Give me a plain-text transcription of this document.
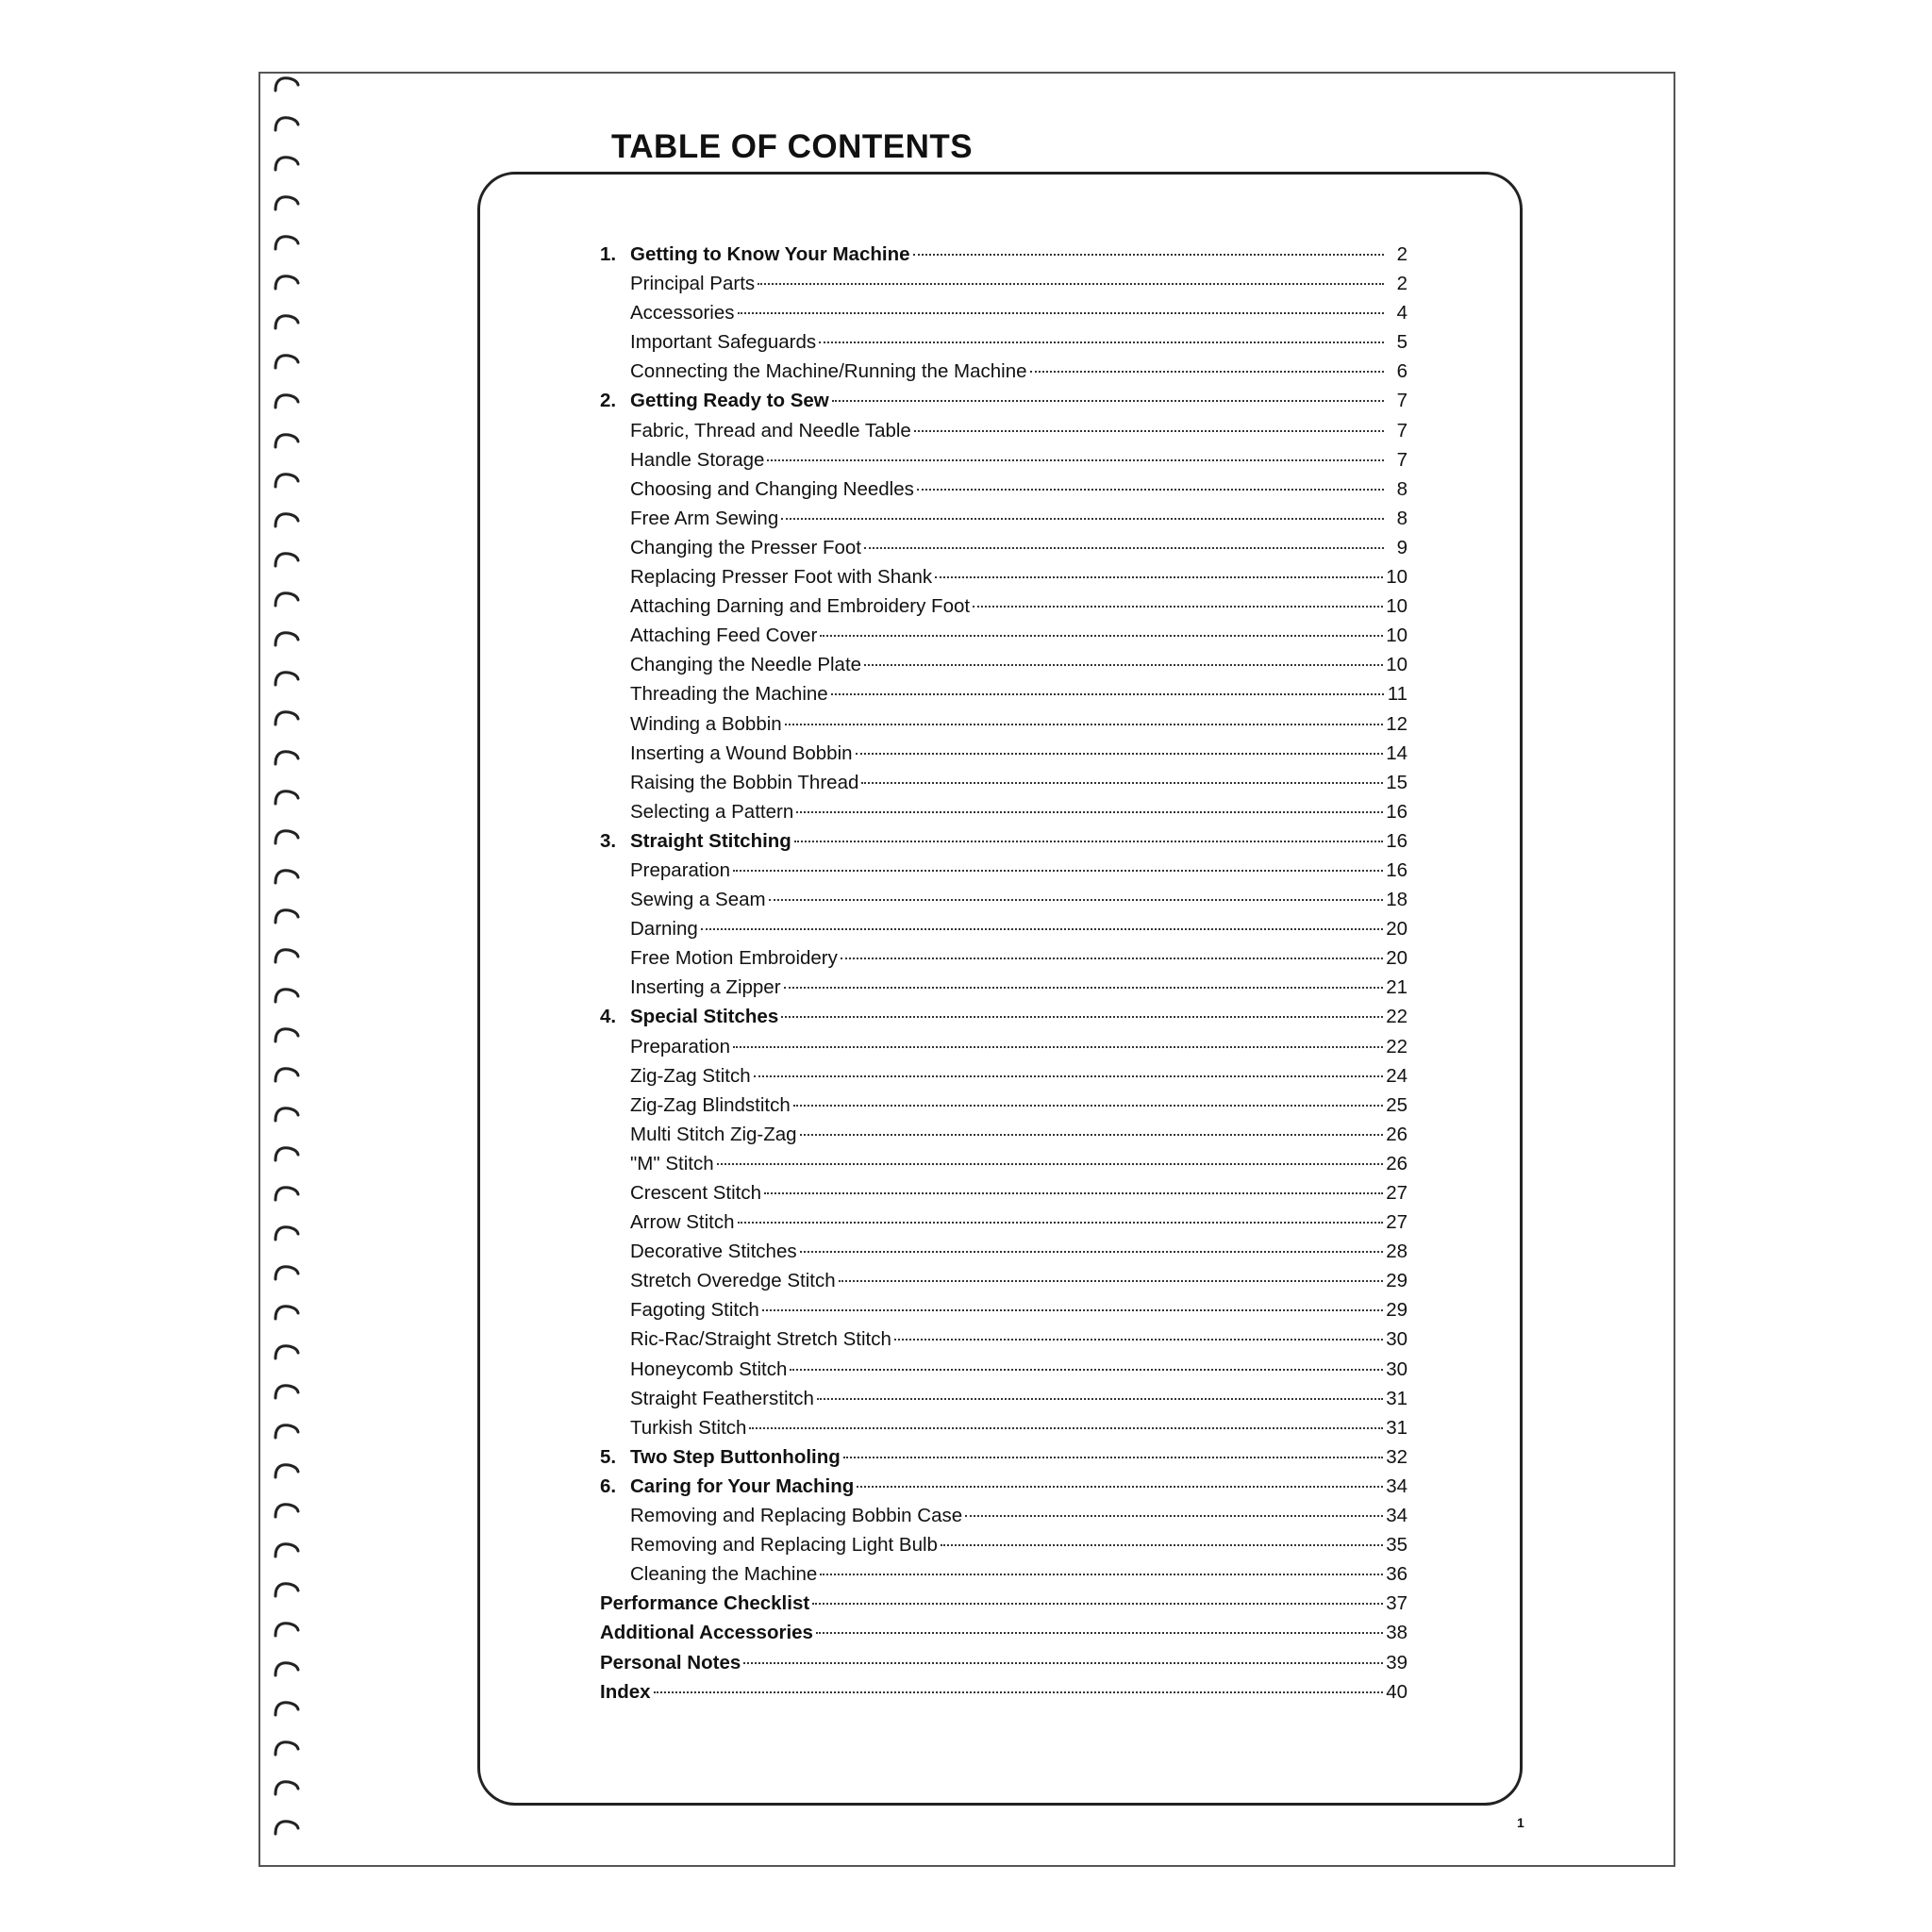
TABLE OF CONTENTS
1. Getting to Know Your Machine	2
Principal Parts	2
Accessories	4
Important Safeguards	5
Connecting the Machine/Running the Machine	6
2. Getting Ready to Sew	7
Fabric, Thread and Needle Table	7
Handle Storage	7
Choosing and Changing Needles	8
Free Arm Sewing	8
Changing the Presser Foot	9
Replacing Presser Foot with Shank	10
Attaching Darning and Embroidery Foot	10
Attaching Feed Cover	10
Changing the Needle Plate	10
Threading the Machine	11
Winding a Bobbin	12
Inserting a Wound Bobbin	14
Raising the Bobbin Thread	15
Selecting a Pattern	16
3. Straight Stitching	16
Preparation	16
Sewing a Seam	18
Darning	20
Free Motion Embroidery	20
Inserting a Zipper	21
4. Special Stitches	22
Preparation	22
Zig-Zag Stitch	24
Zig-Zag Blindstitch	25
Multi Stitch Zig-Zag	26
"M" Stitch	26
Crescent Stitch	27
Arrow Stitch	27
Decorative Stitches	28
Stretch Overedge Stitch	29
Fagoting Stitch	29
Ric-Rac/Straight Stretch Stitch	30
Honeycomb Stitch	30
Straight Featherstitch	31
Turkish Stitch	31
5. Two Step Buttonholing	32
6. Caring for Your Maching	34
Removing and Replacing Bobbin Case	34
Removing and Replacing Light Bulb	35
Cleaning the Machine	36
Performance Checklist	37
Additional Accessories	38
Personal Notes	39
Index	40
1
